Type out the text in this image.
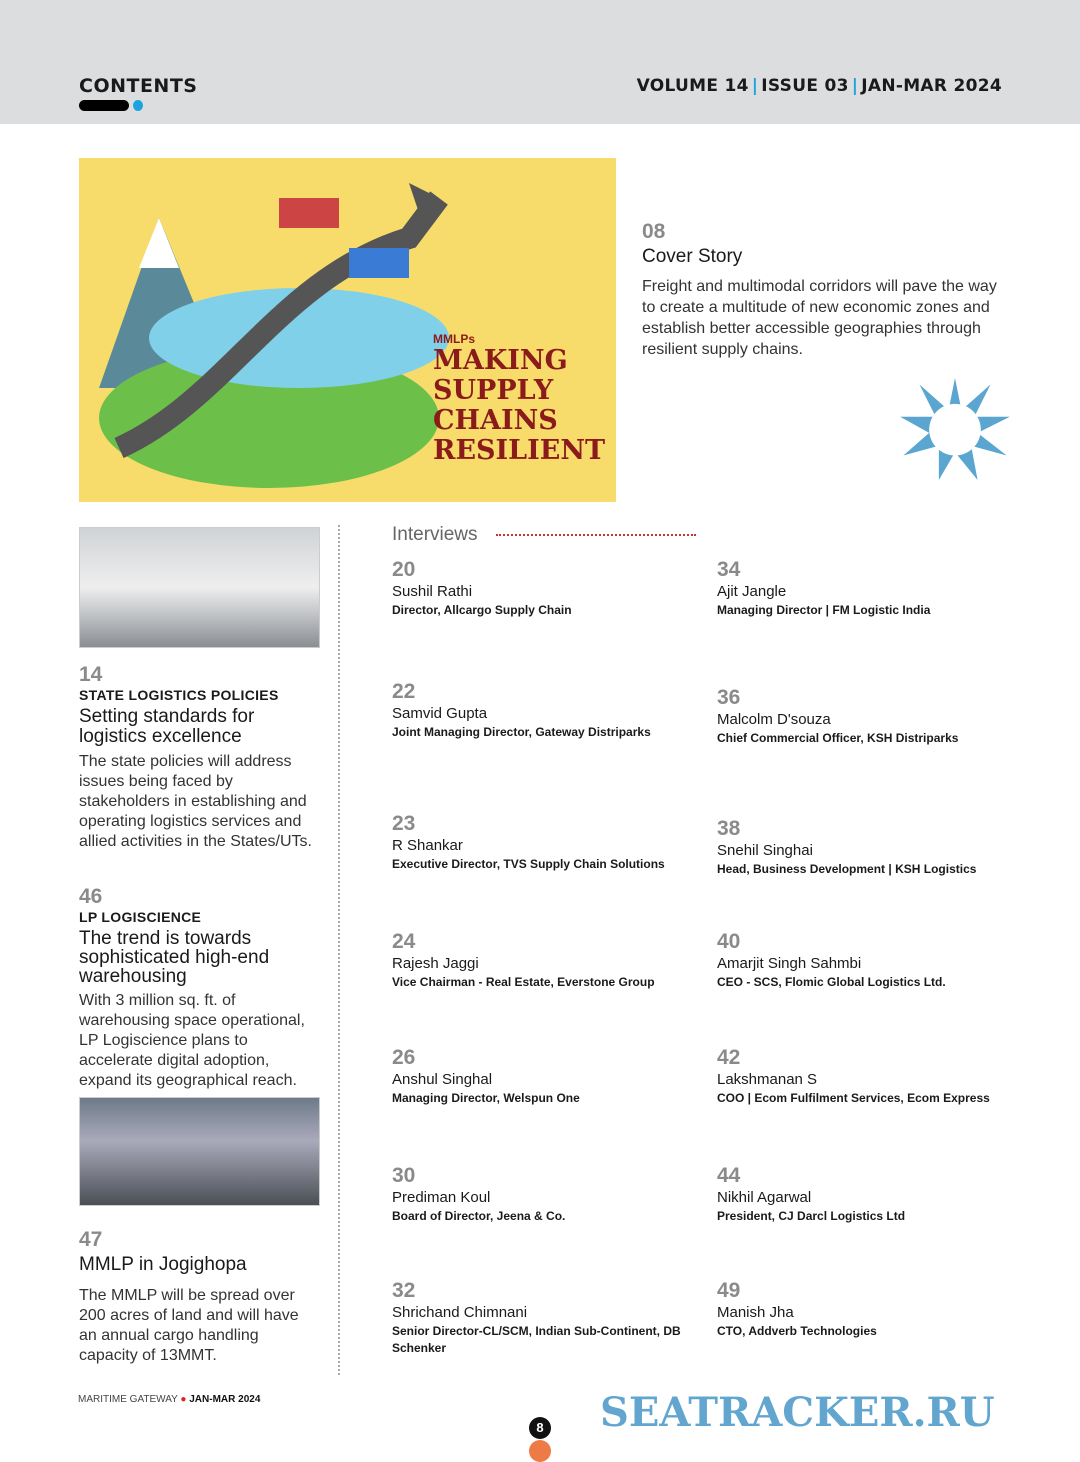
CONTENTS	VOLUME 14 | ISSUE 03 | JAN-MAR 2024
MMLPs
MAKING SUPPLY CHAINS RESILIENT
08
Cover Story
Freight and multimodal corridors will pave the way to create a multitude of new economic zones and establish better accessible geographies through resilient supply chains.
14
STATE LOGISTICS POLICIES
Setting standards for logistics excellence
The state policies will address issues being faced by stakeholders in establishing and operating logistics services and allied activities in the States/UTs.
46
LP LOGISCIENCE
The trend is towards sophisticated high-end warehousing
With 3 million sq. ft. of warehousing space operational, LP Logiscience plans to accelerate digital adoption, expand its geographical reach.
47
MMLP in Jogighopa
The MMLP will be spread over 200 acres of land and will have an annual cargo handling capacity of 13MMT.
Interviews
20
Sushil Rathi
Director, Allcargo Supply Chain
34
Ajit Jangle
Managing Director | FM Logistic India
22
Samvid Gupta
Joint Managing Director, Gateway Distriparks
36
Malcolm D'souza
Chief Commercial Officer, KSH Distriparks
23
R Shankar
Executive Director, TVS Supply Chain Solutions
38
Snehil Singhai
Head, Business Development | KSH Logistics
24
Rajesh Jaggi
Vice Chairman - Real Estate, Everstone Group
40
Amarjit Singh Sahmbi
CEO - SCS, Flomic Global Logistics Ltd.
26
Anshul Singhal
Managing Director, Welspun One
42
Lakshmanan S
COO | Ecom Fulfilment Services, Ecom Express
30
Prediman Koul
Board of Director, Jeena & Co.
44
Nikhil Agarwal
President, CJ Darcl Logistics Ltd
32
Shrichand Chimnani
Senior Director-CL/SCM, Indian Sub-Continent, DB Schenker
49
Manish Jha
CTO, Addverb Technologies
SEATRACKER.RU
MARITIME GATEWAY ● JAN-MAR 2024
8
